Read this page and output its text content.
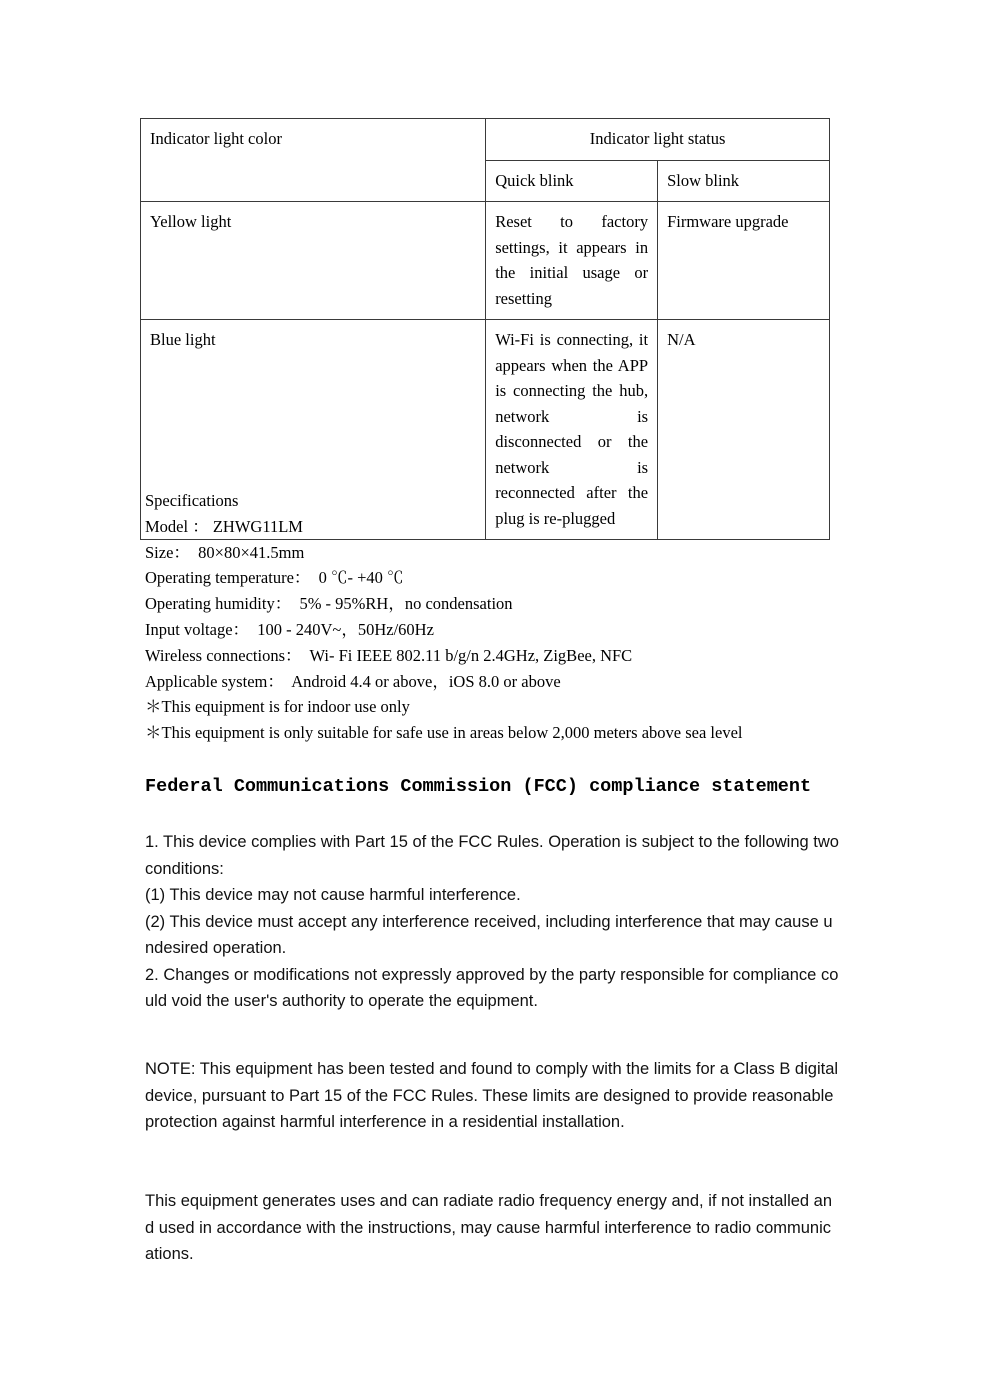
Indicator light color	Indicator light status	
	Quick blink	Slow blink
Yellow light	Reset to factory settings, it appears in the initial usage or resetting	Firmware upgrade
Blue light	Wi-Fi is connecting, it appears when the APP is connecting the hub, network is disconnected or the network is reconnected after the plug is re-plugged	N/A
Specifications
Model ： ZHWG11LM
Size：  80×80×41.5mm
Operating temperature：  0 ℃- +40 ℃
Operating humidity：  5% - 95%RH，no condensation
Input voltage：  100 - 240V~，50Hz/60Hz
Wireless connections：  Wi- Fi IEEE 802.11 b/g/n 2.4GHz, ZigBee, NFC
Applicable system：  Android 4.4 or above，iOS 8.0 or above
＊This equipment is for indoor use only
＊This equipment is only suitable for safe use in areas below 2,000 meters above sea level
Federal Communications Commission (FCC) compliance statement

1. This device complies with Part 15 of the FCC Rules. Operation is subject to the following two conditions:

(1) This device may not cause harmful interference.

(2) This device must accept any interference received, including interference that may cause undesired operation.

2. Changes or modifications not expressly approved by the party responsible for compliance could void the user's authority to operate the equipment.

NOTE: This equipment has been tested and found to comply with the limits for a Class B digital device, pursuant to Part 15 of the FCC Rules. These limits are designed to provide reasonable protection against harmful interference in a residential installation.

This equipment generates uses and can radiate radio frequency energy and, if not installed and used in accordance with the instructions, may cause harmful interference to radio communications.
